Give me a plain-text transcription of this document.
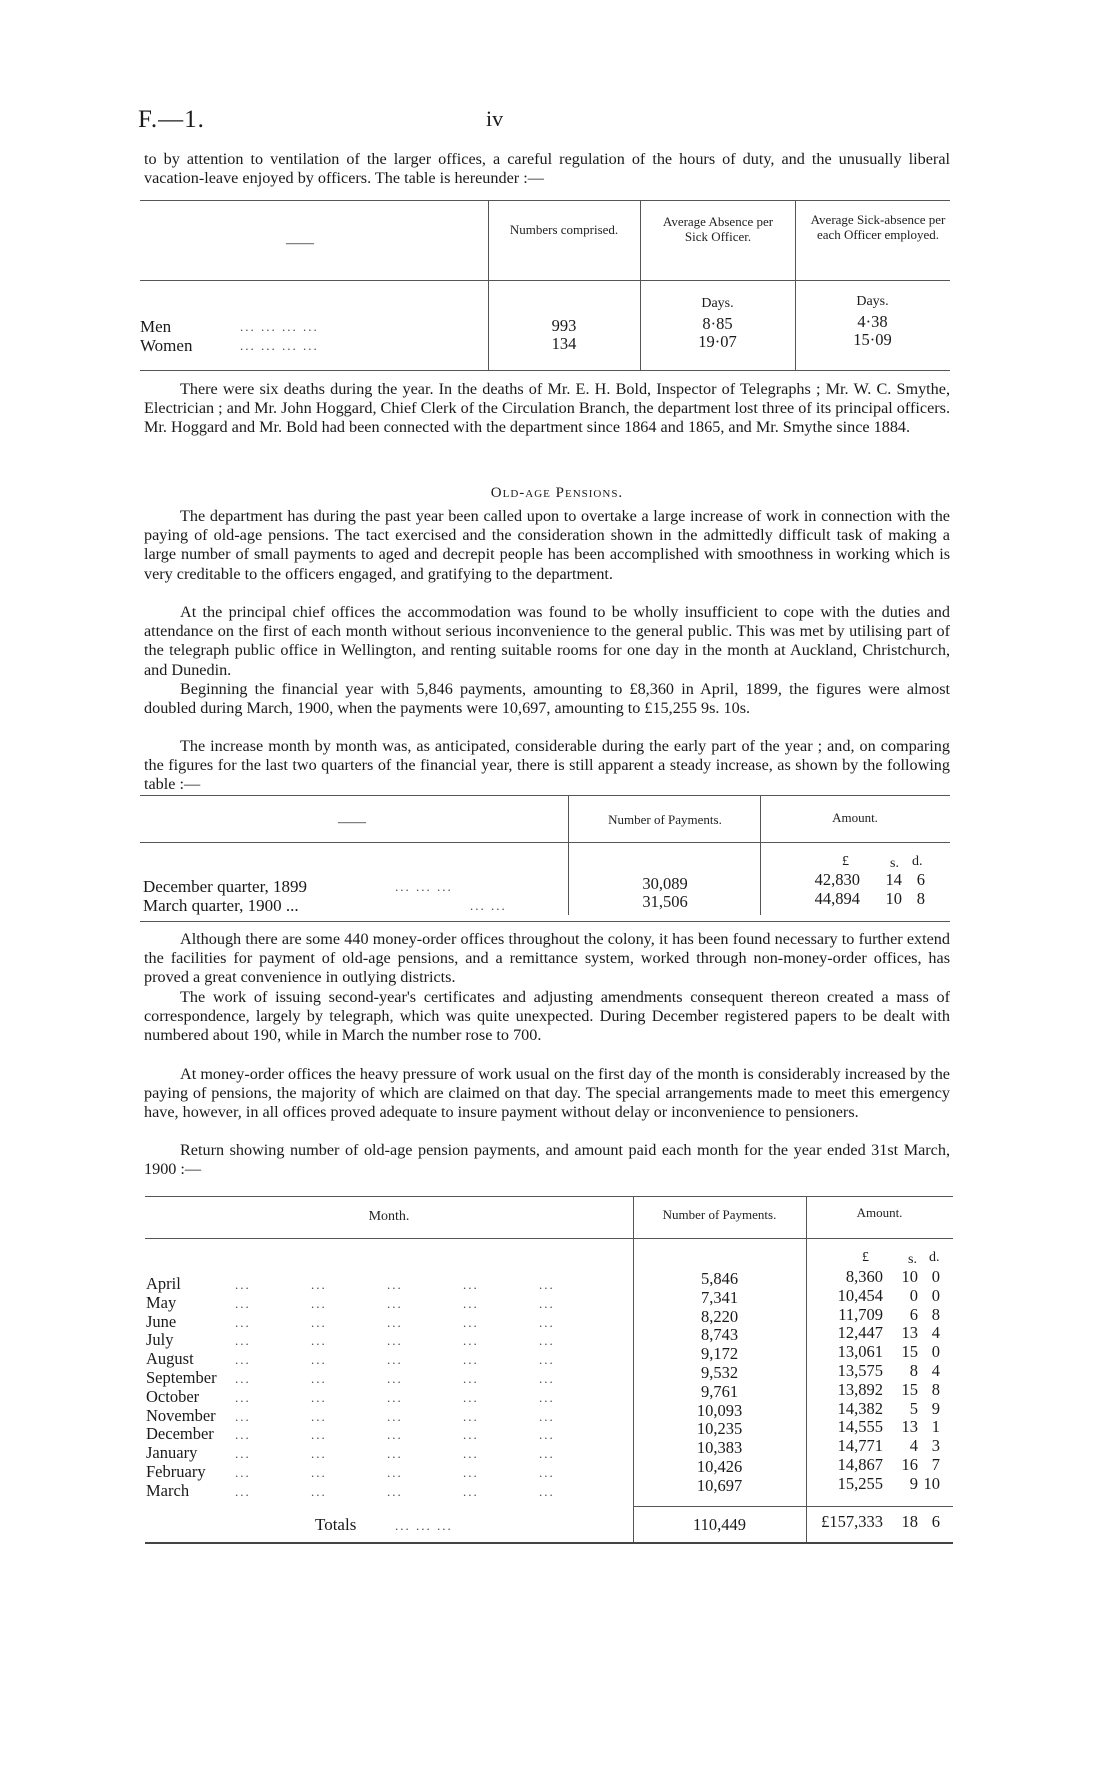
F.—1.	iv

to by attention to ventilation of the larger offices, a careful regulation of the hours of duty, and the unusually liberal vacation-leave enjoyed by officers. The table is hereunder :—

——
Numbers comprised.
Average Absence per Sick Officer.
Average Sick-absence per each Officer employed.
Days.	Days.
Men	... ... ... ...	993	8·85	4·38
Women	... ... ... ...	134	19·07	15·09

There were six deaths during the year. In the deaths of Mr. E. H. Bold, Inspector of Telegraphs ; Mr. W. C. Smythe, Electrician ; and Mr. John Hoggard, Chief Clerk of the Circulation Branch, the department lost three of its principal officers. Mr. Hoggard and Mr. Bold had been connected with the department since 1864 and 1865, and Mr. Smythe since 1884.

Old-age Pensions.

The department has during the past year been called upon to overtake a large increase of work in connection with the paying of old-age pensions. The tact exercised and the consideration shown in the admittedly difficult task of making a large number of small payments to aged and decrepit people has been accomplished with smoothness in working which is very creditable to the officers engaged, and gratifying to the department.

At the principal chief offices the accommodation was found to be wholly insufficient to cope with the duties and attendance on the first of each month without serious inconvenience to the general public. This was met by utilising part of the telegraph public office in Wellington, and renting suitable rooms for one day in the month at Auckland, Christchurch, and Dunedin.

Beginning the financial year with 5,846 payments, amounting to £8,360 in April, 1899, the figures were almost doubled during March, 1900, when the payments were 10,697, amounting to £15,255 9s. 10s.

The increase month by month was, as anticipated, considerable during the early part of the year ; and, on comparing the figures for the last two quarters of the financial year, there is still apparent a steady increase, as shown by the following table :—

——	Number of Payments.	Amount.
£	s. d.
December quarter, 1899	... ... ...	30,089	42,830	14 6
March quarter, 1900 ...	... ...	31,506	44,894	10 8

Although there are some 440 money-order offices throughout the colony, it has been found necessary to further extend the facilities for payment of old-age pensions, and a remittance system, worked through non-money-order offices, has proved a great convenience in outlying districts.

The work of issuing second-year's certificates and adjusting amendments consequent thereon created a mass of correspondence, largely by telegraph, which was quite unexpected. During December registered papers to be dealt with numbered about 190, while in March the number rose to 700.

At money-order offices the heavy pressure of work usual on the first day of the month is considerably increased by the paying of pensions, the majority of which are claimed on that day. The special arrangements made to meet this emergency have, however, in all offices proved adequate to insure payment without delay or inconvenience to pensioners.

Return showing number of old-age pension payments, and amount paid each month for the year ended 31st March, 1900 :—

Month.	Number of Payments.	Amount.
£	s. d.
April	... ... ... ... ...	5,846	8,360	10 0
May	... ... ... ... ...	7,341	10,454	0 0
June	... ... ... ... ...	8,220	11,709	6 8
July	... ... ... ... ...	8,743	12,447	13 4
August	... ... ... ... ...	9,172	13,061	15 0
September ... ... ... ... ...	9,532	13,575	8 4
October	... ... ... ... ...	9,761	13,892	15 8
November ... ... ... ... ...	10,093	14,382	5 9
December ... ... ... ... ...	10,235	14,555	13 1
January	... ... ... ... ...	10,383	14,771	4 3
February ... ... ... ... ...	10,426	14,867	16 7
March	... ... ... ... ...	10,697	15,255	9 10
Totals	... ... ...	110,449	£157,333	18 6
